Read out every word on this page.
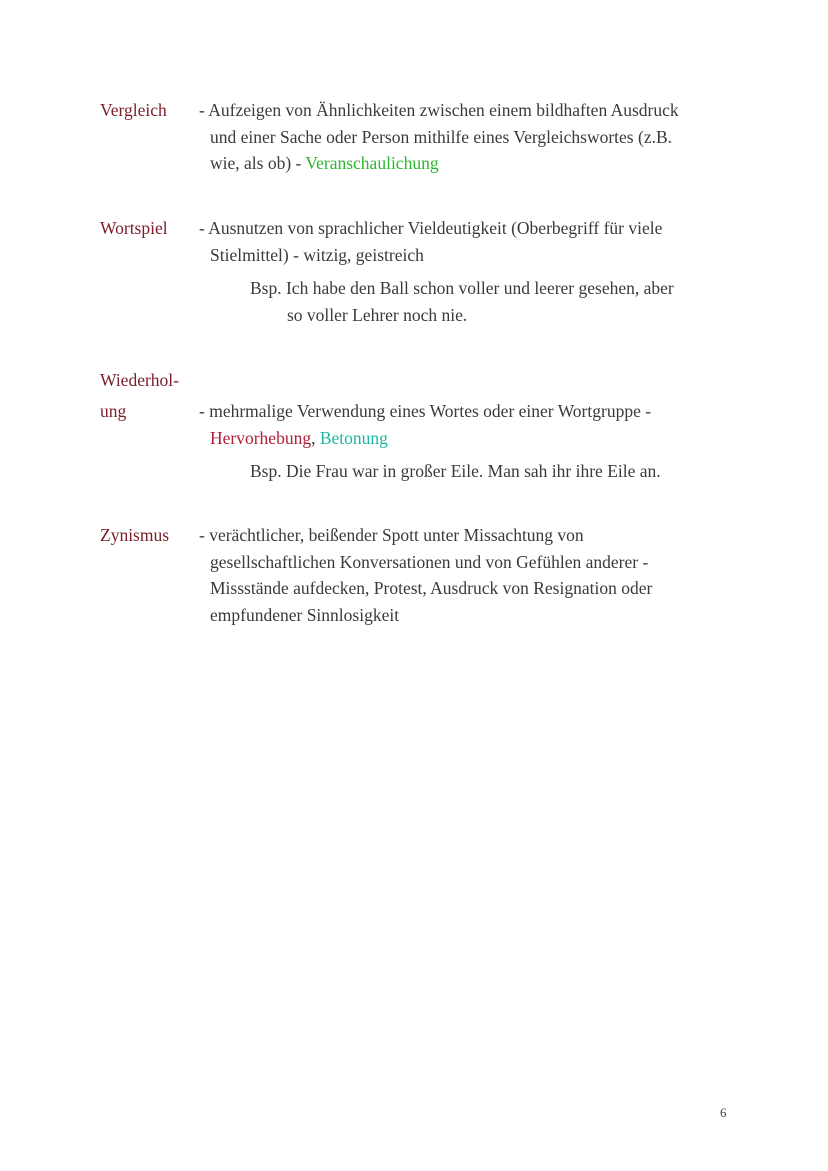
Vergleich - Aufzeigen von Ähnlichkeiten zwischen einem bildhaften Ausdruck
und einer Sache oder Person mithilfe eines Vergleichswortes (z.B.
wie, als ob) - Veranschaulichung
Wortspiel - Ausnutzen von sprachlicher Vieldeutigkeit (Oberbegriff für viele
Stielmittel) - witzig, geistreich
Bsp. Ich habe den Ball schon voller und leerer gesehen, aber
so voller Lehrer noch nie.
Wiederhol-
ung	- mehrmalige Verwendung eines Wortes oder einer Wortgruppe -
Hervorhebung, Betonung
Bsp. Die Frau war in großer Eile. Man sah ihr ihre Eile an.
Zynismus - verächtlicher, beißender Spott unter Missachtung von
gesellschaftlichen Konversationen und von Gefühlen anderer -
Missstände aufdecken, Protest, Ausdruck von Resignation oder
empfundener Sinnlosigkeit
6
